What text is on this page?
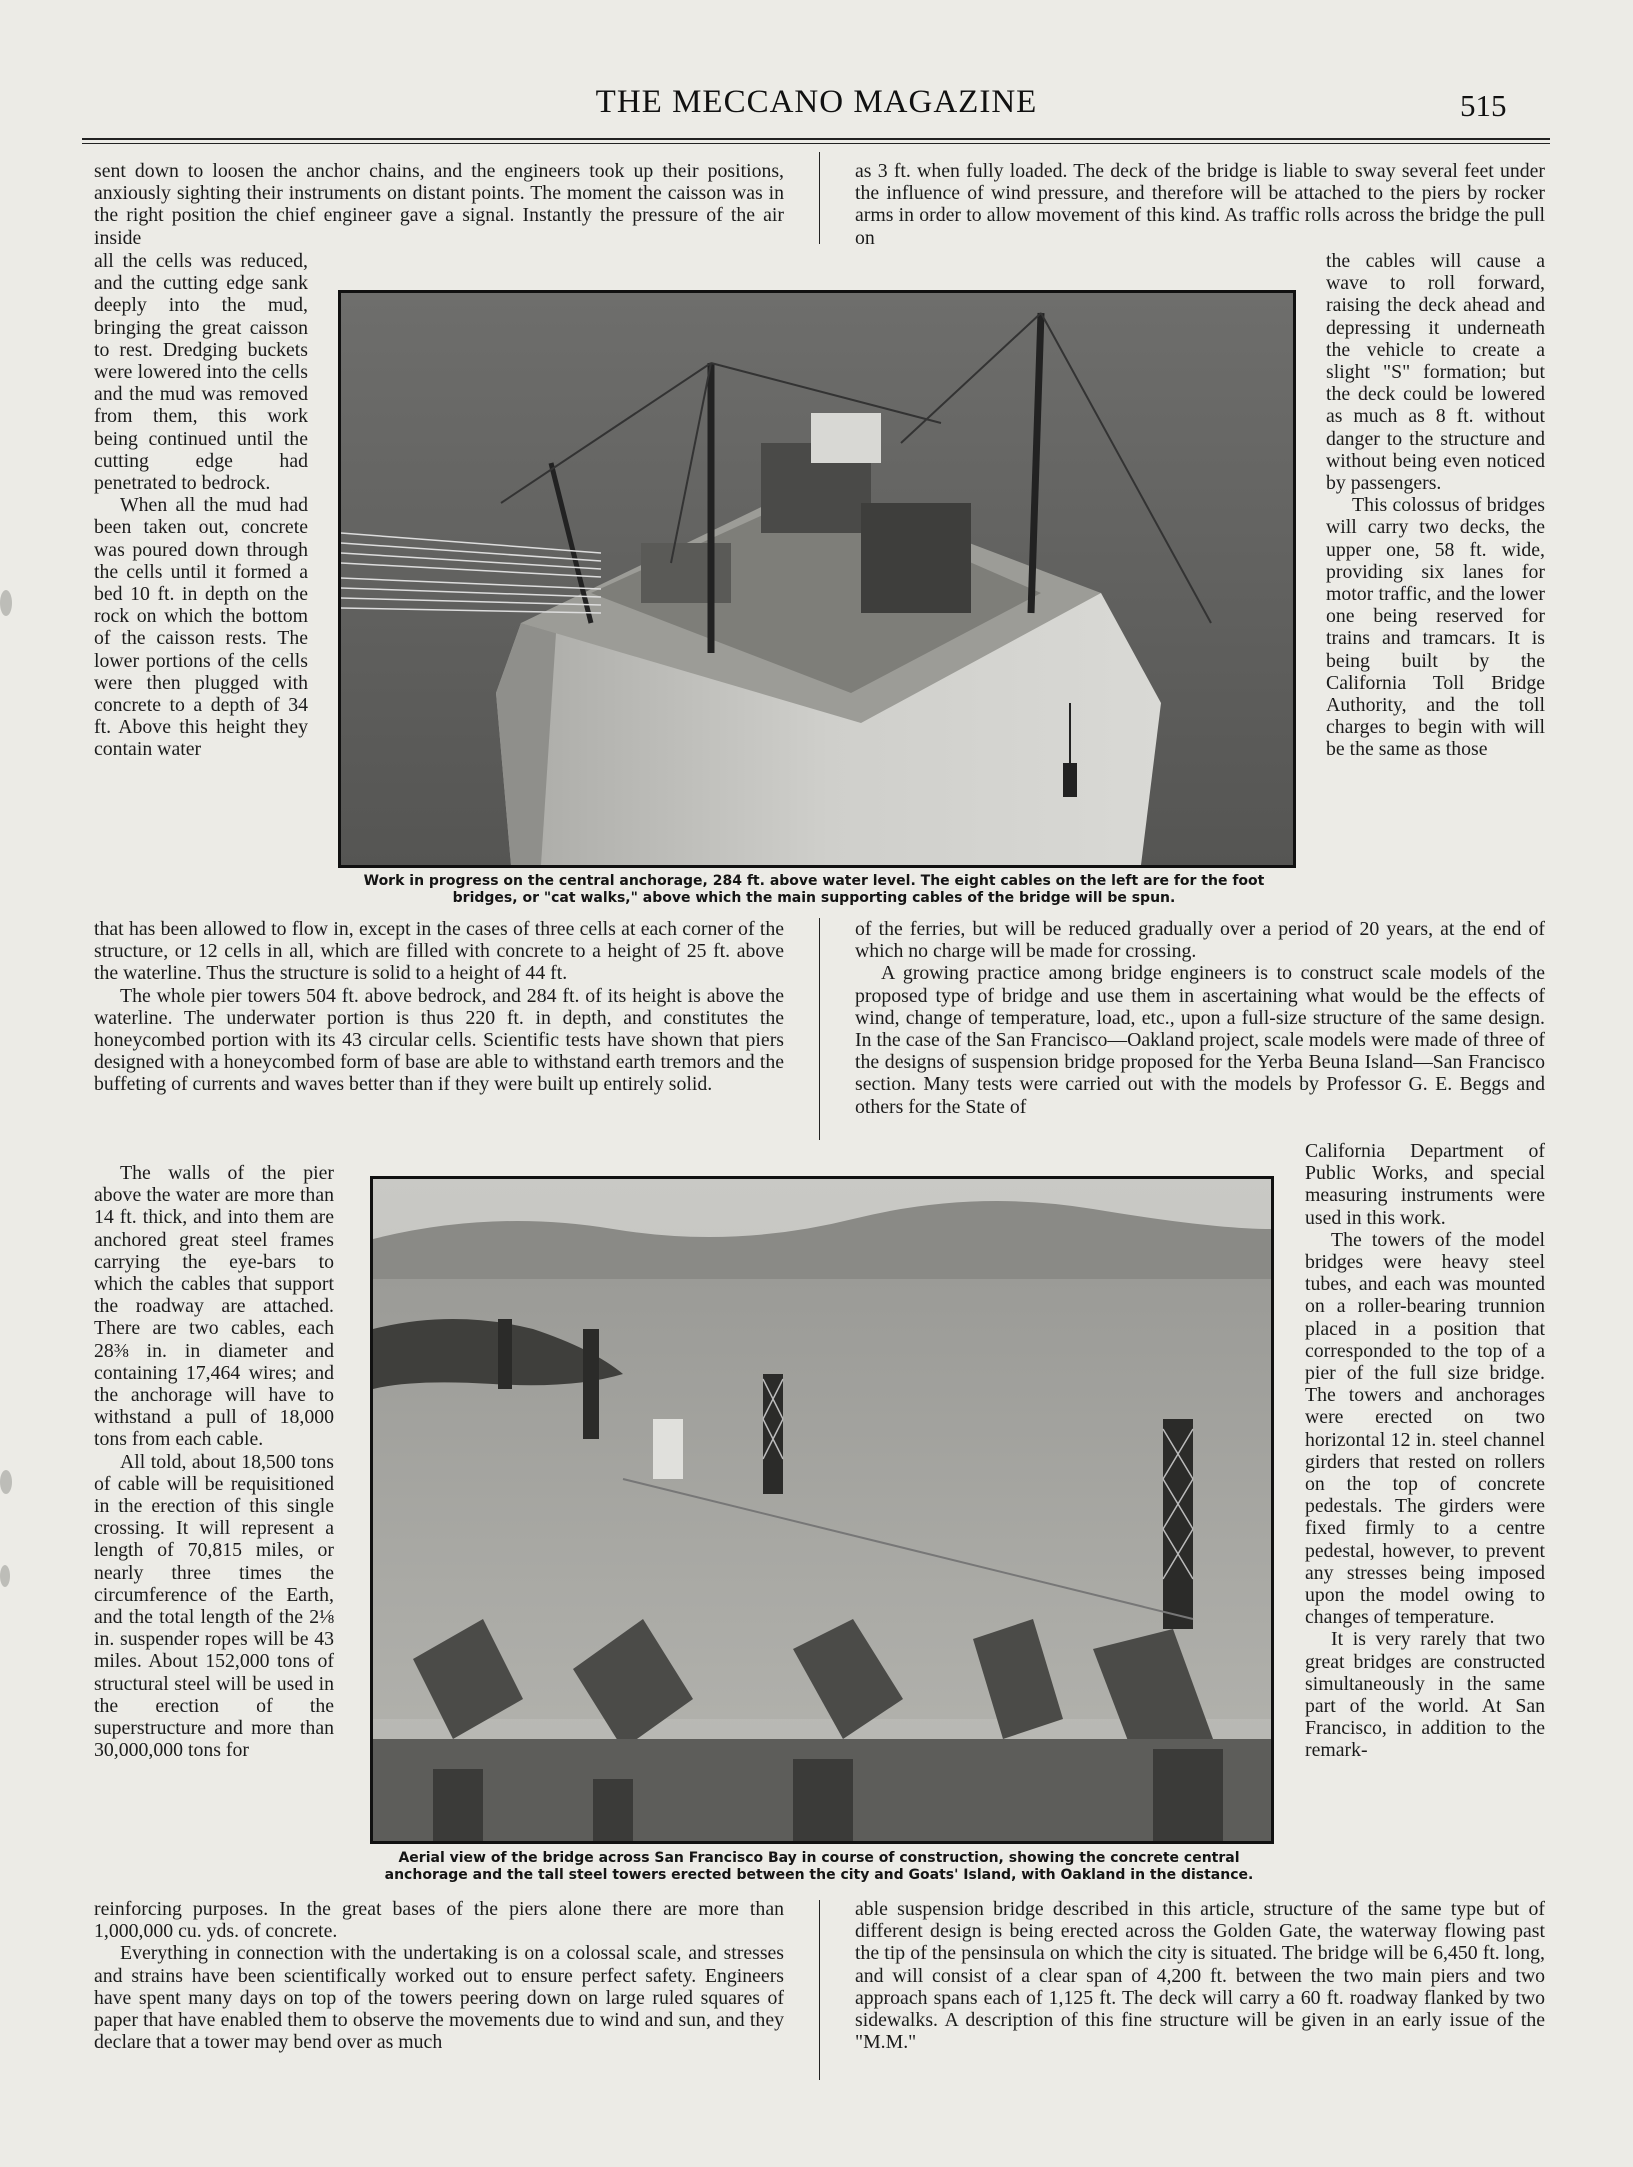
THE MECCANO MAGAZINE	515

sent down to loosen the anchor chains, and the engineers took up their positions, anxiously sighting their instruments on distant points. The moment the caisson was in the right position the chief engineer gave a signal. Instantly the pressure of the air inside

all the cells was reduced, and the cutting edge sank deeply into the mud, bringing the great caisson to rest. Dredging buckets were lowered into the cells and the mud was removed from them, this work being continued until the cutting edge had penetrated to bedrock.

When all the mud had been taken out, concrete was poured down through the cells until it formed a bed 10 ft. in depth on the rock on which the bottom of the caisson rests. The lower portions of the cells were then plugged with concrete to a depth of 34 ft. Above this height they contain water

that has been allowed to flow in, except in the cases of three cells at each corner of the structure, or 12 cells in all, which are filled with concrete to a height of 25 ft. above the waterline. Thus the structure is solid to a height of 44 ft.

The whole pier towers 504 ft. above bedrock, and 284 ft. of its height is above the waterline. The underwater portion is thus 220 ft. in depth, and constitutes the honeycombed portion with its 43 circular cells. Scientific tests have shown that piers designed with a honeycombed form of base are able to withstand earth tremors and the buffeting of currents and waves better than if they were built up entirely solid.

The walls of the pier above the water are more than 14 ft. thick, and into them are anchored great steel frames carrying the eye-bars to which the cables that support the roadway are attached. There are two cables, each 28⅜ in. in diameter and containing 17,464 wires; and the anchorage will have to withstand a pull of 18,000 tons from each cable.

All told, about 18,500 tons of cable will be requisitioned in the erection of this single crossing. It will represent a length of 70,815 miles, or nearly three times the circumference of the Earth, and the total length of the 2⅛ in. suspender ropes will be 43 miles. About 152,000 tons of structural steel will be used in the erection of the superstructure and more than 30,000,000 tons for

reinforcing purposes. In the great bases of the piers alone there are more than 1,000,000 cu. yds. of concrete.

Everything in connection with the undertaking is on a colossal scale, and stresses and strains have been scientifically worked out to ensure perfect safety. Engineers have spent many days on top of the towers peering down on large ruled squares of paper that have enabled them to observe the movements due to wind and sun, and they declare that a tower may bend over as much

as 3 ft. when fully loaded. The deck of the bridge is liable to sway several feet under the influence of wind pressure, and therefore will be attached to the piers by rocker arms in order to allow movement of this kind. As traffic rolls across the bridge the pull on

the cables will cause a wave to roll forward, raising the deck ahead and depressing it underneath the vehicle to create a slight "S" formation; but the deck could be lowered as much as 8 ft. without danger to the structure and without being even noticed by passengers.

This colossus of bridges will carry two decks, the upper one, 58 ft. wide, providing six lanes for motor traffic, and the lower one being reserved for trains and tramcars. It is being built by the California Toll Bridge Authority, and the toll charges to begin with will be the same as those

of the ferries, but will be reduced gradually over a period of 20 years, at the end of which no charge will be made for crossing.

A growing practice among bridge engineers is to construct scale models of the proposed type of bridge and use them in ascertaining what would be the effects of wind, change of temperature, load, etc., upon a full-size structure of the same design. In the case of the San Francisco—Oakland project, scale models were made of three of the designs of suspension bridge proposed for the Yerba Beuna Island—San Francisco section. Many tests were carried out with the models by Professor G. E. Beggs and others for the State of

California Department of Public Works, and special measuring instruments were used in this work.

The towers of the model bridges were heavy steel tubes, and each was mounted on a roller-bearing trunnion placed in a position that corresponded to the top of a pier of the full size bridge. The towers and anchorages were erected on two horizontal 12 in. steel channel girders that rested on rollers on the top of concrete pedestals. The girders were fixed firmly to a centre pedestal, however, to prevent any stresses being imposed upon the model owing to changes of temperature.

It is very rarely that two great bridges are constructed simultaneously in the same part of the world. At San Francisco, in addition to the remark-

able suspension bridge described in this article, structure of the same type but of different design is being erected across the Golden Gate, the waterway flowing past the tip of the pensinsula on which the city is situated. The bridge will be 6,450 ft. long, and will consist of a clear span of 4,200 ft. between the two main piers and two approach spans each of 1,125 ft. The deck will carry a 60 ft. roadway flanked by two sidewalks. A description of this fine structure will be given in an early issue of the "M.M."

Work in progress on the central anchorage, 284 ft. above water level. The eight cables on the left are for the foot bridges, or "cat walks," above which the main supporting cables of the bridge will be spun.
Aerial view of the bridge across San Francisco Bay in course of construction, showing the concrete central anchorage and the tall steel towers erected between the city and Goats' Island, with Oakland in the distance.
